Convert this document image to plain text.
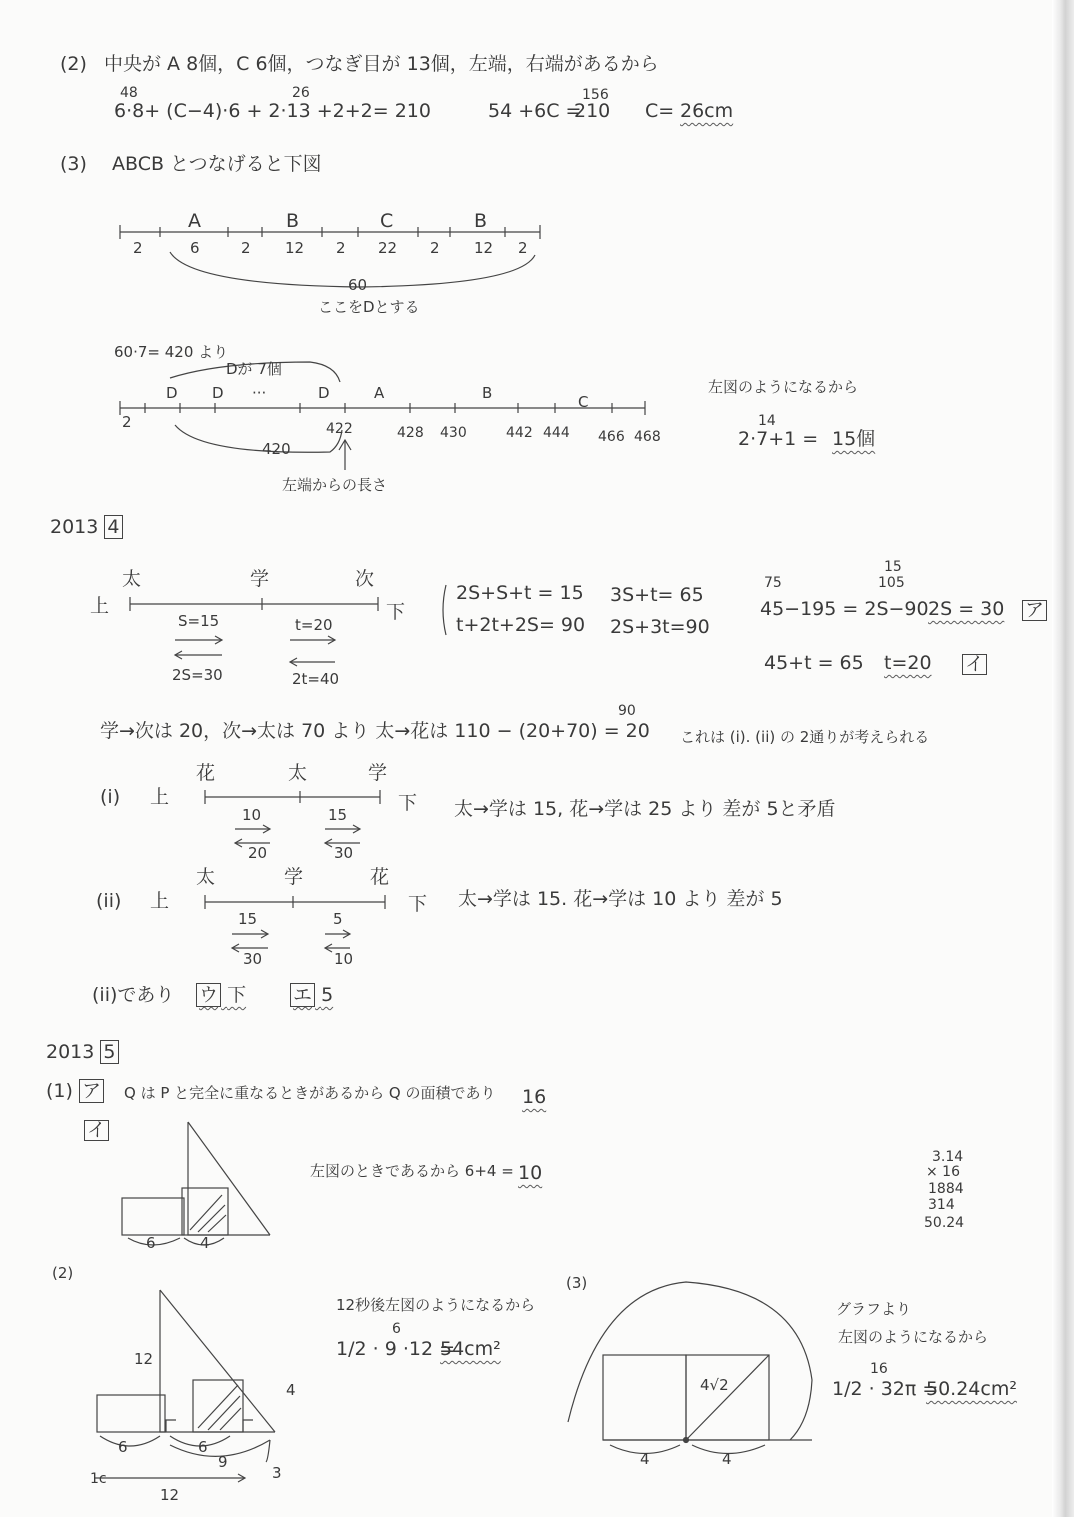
(2) 中央が A 8個，C 6個，つなぎ目が 13個，左端，右端があるから
48	26
6·8+ (C−4)·6 + 2·13 +2+2= 210	54 +6C =
156
210 C= 26cm
(3) ABCB とつなげると下図
A	B	C	B
2	6	2 12 2 22 2 12 2
60
ここをDとする
60·7= 420 より
Dが 7個
D D ···	D	A	B	C
2	422	428 430	442 444 466 468
420
左端からの長さ
左図のようになるから
14
2·7+1 = 15個
2013 4
上
太	学	次
下
S=15
2S=30
t=20
2t=40
2S+S+t = 15
t+2t+2S= 90
3S+t= 65
2S+3t=90
15
105
75
45−195 = 2S−90 2S = 30 ア
45+t = 65 t=20 イ
90
学→次は 20，次→太は 70 より 太→花は 110 − (20+70) = 20 これは (i). (ii) の 2通りが考えられる
(i) 上
花	太	学
下
10
20
15
30
太→学は 15, 花→学は 25 より 差が 5と矛盾
(ii) 上
太	学	花
下
15
30
5
10
太→学は 15. 花→学は 10 より 差が 5
(ii)であり ウ 下 エ 5
2013 5
(1) ア Q は P と完全に重なるときがあるから Q の面積であり 16
イ
左図のときであるから 6+4 = 10
6	4
3.14
× 16
1884
314
50.24
(2)
12秒後左図のようになるから
6
1/2 · 9 ·12 =
54cm²
12
6	6
9
4
3
12
1c
(3)
グラフより
左図のようになるから
16
1/2 · 32π =
50.24cm²
4√2
4	4
